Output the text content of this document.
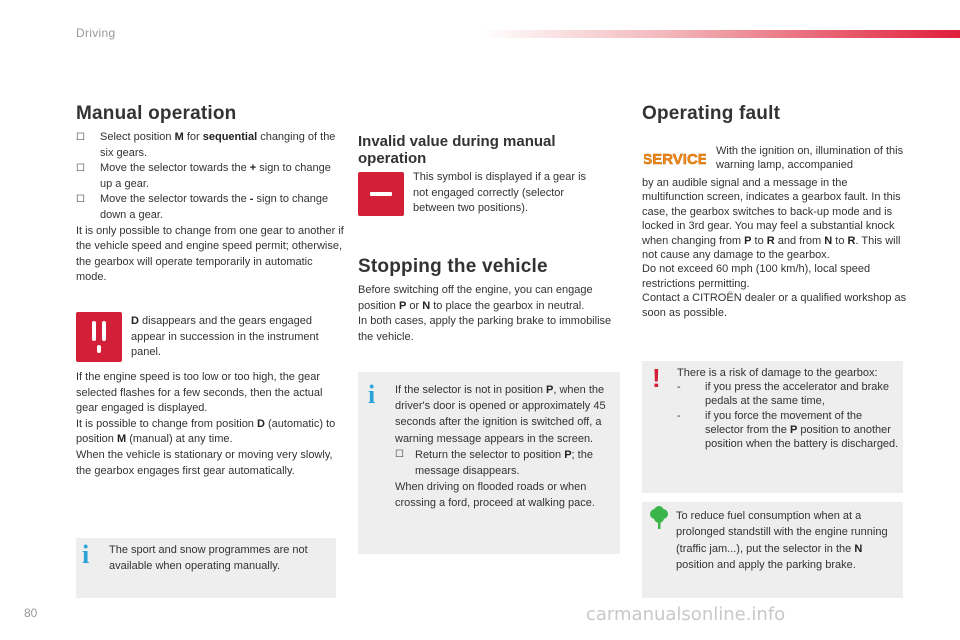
Driving
Manual operation
☐ Select position M for sequential changing of the six gears.
☐ Move the selector towards the + sign to change up a gear.
☐ Move the selector towards the - sign to change down a gear.
It is only possible to change from one gear to another if the vehicle speed and engine speed permit; otherwise, the gearbox will operate temporarily in automatic mode.
D disappears and the gears engaged appear in succession in the instrument panel.
If the engine speed is too low or too high, the gear selected flashes for a few seconds, then the actual gear engaged is displayed.
It is possible to change from position D (automatic) to position M (manual) at any time.
When the vehicle is stationary or moving very slowly, the gearbox engages first gear automatically.
i The sport and snow programmes are not available when operating manually.
Invalid value during manual operation
This symbol is displayed if a gear is not engaged correctly (selector between two positions).
Stopping the vehicle
Before switching off the engine, you can engage position P or N to place the gearbox in neutral.
In both cases, apply the parking brake to immobilise the vehicle.
i If the selector is not in position P, when the driver's door is opened or approximately 45 seconds after the ignition is switched off, a warning message appears in the screen.
☐ Return the selector to position P; the message disappears.
When driving on flooded roads or when crossing a ford, proceed at walking pace.
Operating fault
SERVICE With the ignition on, illumination of this warning lamp, accompanied
by an audible signal and a message in the multifunction screen, indicates a gearbox fault. In this case, the gearbox switches to back-up mode and is locked in 3rd gear. You may feel a substantial knock when changing from P to R and from N to R. This will not cause any damage to the gearbox.
Do not exceed 60 mph (100 km/h), local speed restrictions permitting.
Contact a CITROËN dealer or a qualified workshop as soon as possible.
! There is a risk of damage to the gearbox:
- if you press the accelerator and brake pedals at the same time,
- if you force the movement of the selector from the P position to another position when the battery is discharged.
To reduce fuel consumption when at a prolonged standstill with the engine running (traffic jam...), put the selector in the N position and apply the parking brake.
80	carmanualsonline.info
